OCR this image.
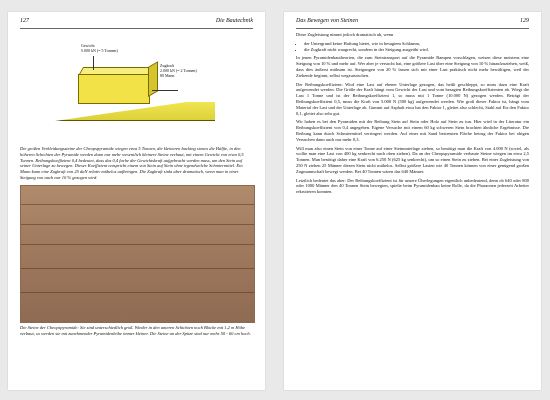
127	Die Bautechnik
Gewicht
5.000 kN (= 5 Tonnen)
Zugkraft
2.000 kN (= 2 Tonnen)
80 Mann
Die großen Verkleidungssteine der Cheopspyramide wiegen etwa 5 Tonnen, die kleineren backing stones die Hälfte, in den höheren Schichten der Pyramide werden dann nur mehr wesentlich kleinere Steine verbaut, mit einem Gewicht von etwa 0,5 Tonnen. Reibungskoeffizient 0,4 bedeutet, dass das 0,4 fache der Gewichtskraft aufgebracht werden muss, um den Stein auf seiner Unterlage zu bewegen. Dieser Koeffizient entspricht einem von Stein auf Stein ohne irgendwelche Schmiermittel. Ein Mann kann eine Zugkraft von 25 daN relativ mühelos aufbringen. Die Zugkraft sinkt aber dramatisch, wenn man in einer Steigung von auch nur 10 % gezogen wird.
Die Steine der Cheopspyramide: Sie sind unterschiedlich groß. Wieder in den unteren Schichten noch Blöcke mit 1,2 m Höhe verbaut, so werden sie mit zunehmender Pyramidenhöhe immer kleiner. Die Steine an der Spitze sind nur mehr 50 - 60 cm hoch.
Das Bewegen von Steinen	129

Diese Zugleistung nimmt jedoch dramatisch ab, wenn

• der Untergrund keine Haftung bietet, wie in besagtem Schlamm,
• die Zugkraft nicht waagrecht, sondern in der Steigung ausgeübt wird.

In jenen Pyramidenbautheorien, die zum Steintransport auf die Pyramide Rampen vorschlagen, weisen diese meistens eine Steigung von 10 % und mehr auf. Wer aber je versucht hat, eine größere Last über eine Steigung von 10 % hinaufzuziehen, weiß, dass dies äußerst mühsam ist. Steigungen von 20 % lassen sich mit einer Last praktisch nicht mehr bewältigen, weil der Ziehende beginnt, selbst wegzurutschen.

Der Reibungskoeffizient: Wird eine Last auf ebener Unterlage gezogen, das heißt geschleppt, so muss dazu eine Kraft aufgewendet werden. Die Größe der Kraft hängt vom Gewicht der Last und vom besagten Reibungskoeffizienten ab. Wiegt die Last 1 Tonne und ist der Reibungskoeffizient 1, so muss mit 1 Tonne (10.000 N) gezogen werden. Beträgt der Reibungskoeffizient 0,5, muss die Kraft von 5.000 N (500 kg) aufgewendet werden. Wie groß dieser Faktor ist, hängt vom Material der Last und der Unterlage ab. Gummi auf Asphalt etwa hat den Faktor 1, gleitet also schlecht, Stahl auf Eis den Faktor 0,1, gleitet also sehr gut.

Wir haben es bei den Pyramiden mit der Reibung Stein auf Stein oder Holz auf Stein zu tun. Hier wird in der Literatur ein Reibungskoeffizient von 0,4 angegeben. Eigene Versuche mit einem 60 kg schweren Stein brachten ähnliche Ergebnisse. Die Reibung kann durch Schmiermittel verringert werden. Auf einer mit Sand bestreuten Fläche betrug der Faktor bei obigen Versuchen dann auch nur mehr 0,3.

Will man also einen Stein von einer Tonne auf einer Steinunterlage ziehen, so benötigt man die Kraft von 4.000 N (soviel, als wollte man eine Last von 400 kg senkrecht nach oben ziehen). Da an der Cheopspyramide verbaute Steine wiegen im etwa 2,5 Tonnen. Man benötigt daher eine Kraft von 6.250 N (625 kg senkrecht), um so einen Stein zu ziehen. Bei einer Zugleistung von 250 N ziehen 25 Männer diesen Stein nicht mühelos. Selbst größere Lasten wie 40 Tonnen können von einer genügend großen Zugmannschaft bewegt werden. Bei 40 Tonnen wären das 640 Männer.

Letztlich bedeutet das aber: Der Reibungskoeffizient ist für unsere Überlegungen eigentlich unbedeutend, denn ob 640 oder 800 oder 1000 Männer den 40 Tonnen Stein bewegten, spielte beim Pyramidenbau keine Rolle, da die Pharaonen jederzeit Arbeiter rekrutieren konnten.
